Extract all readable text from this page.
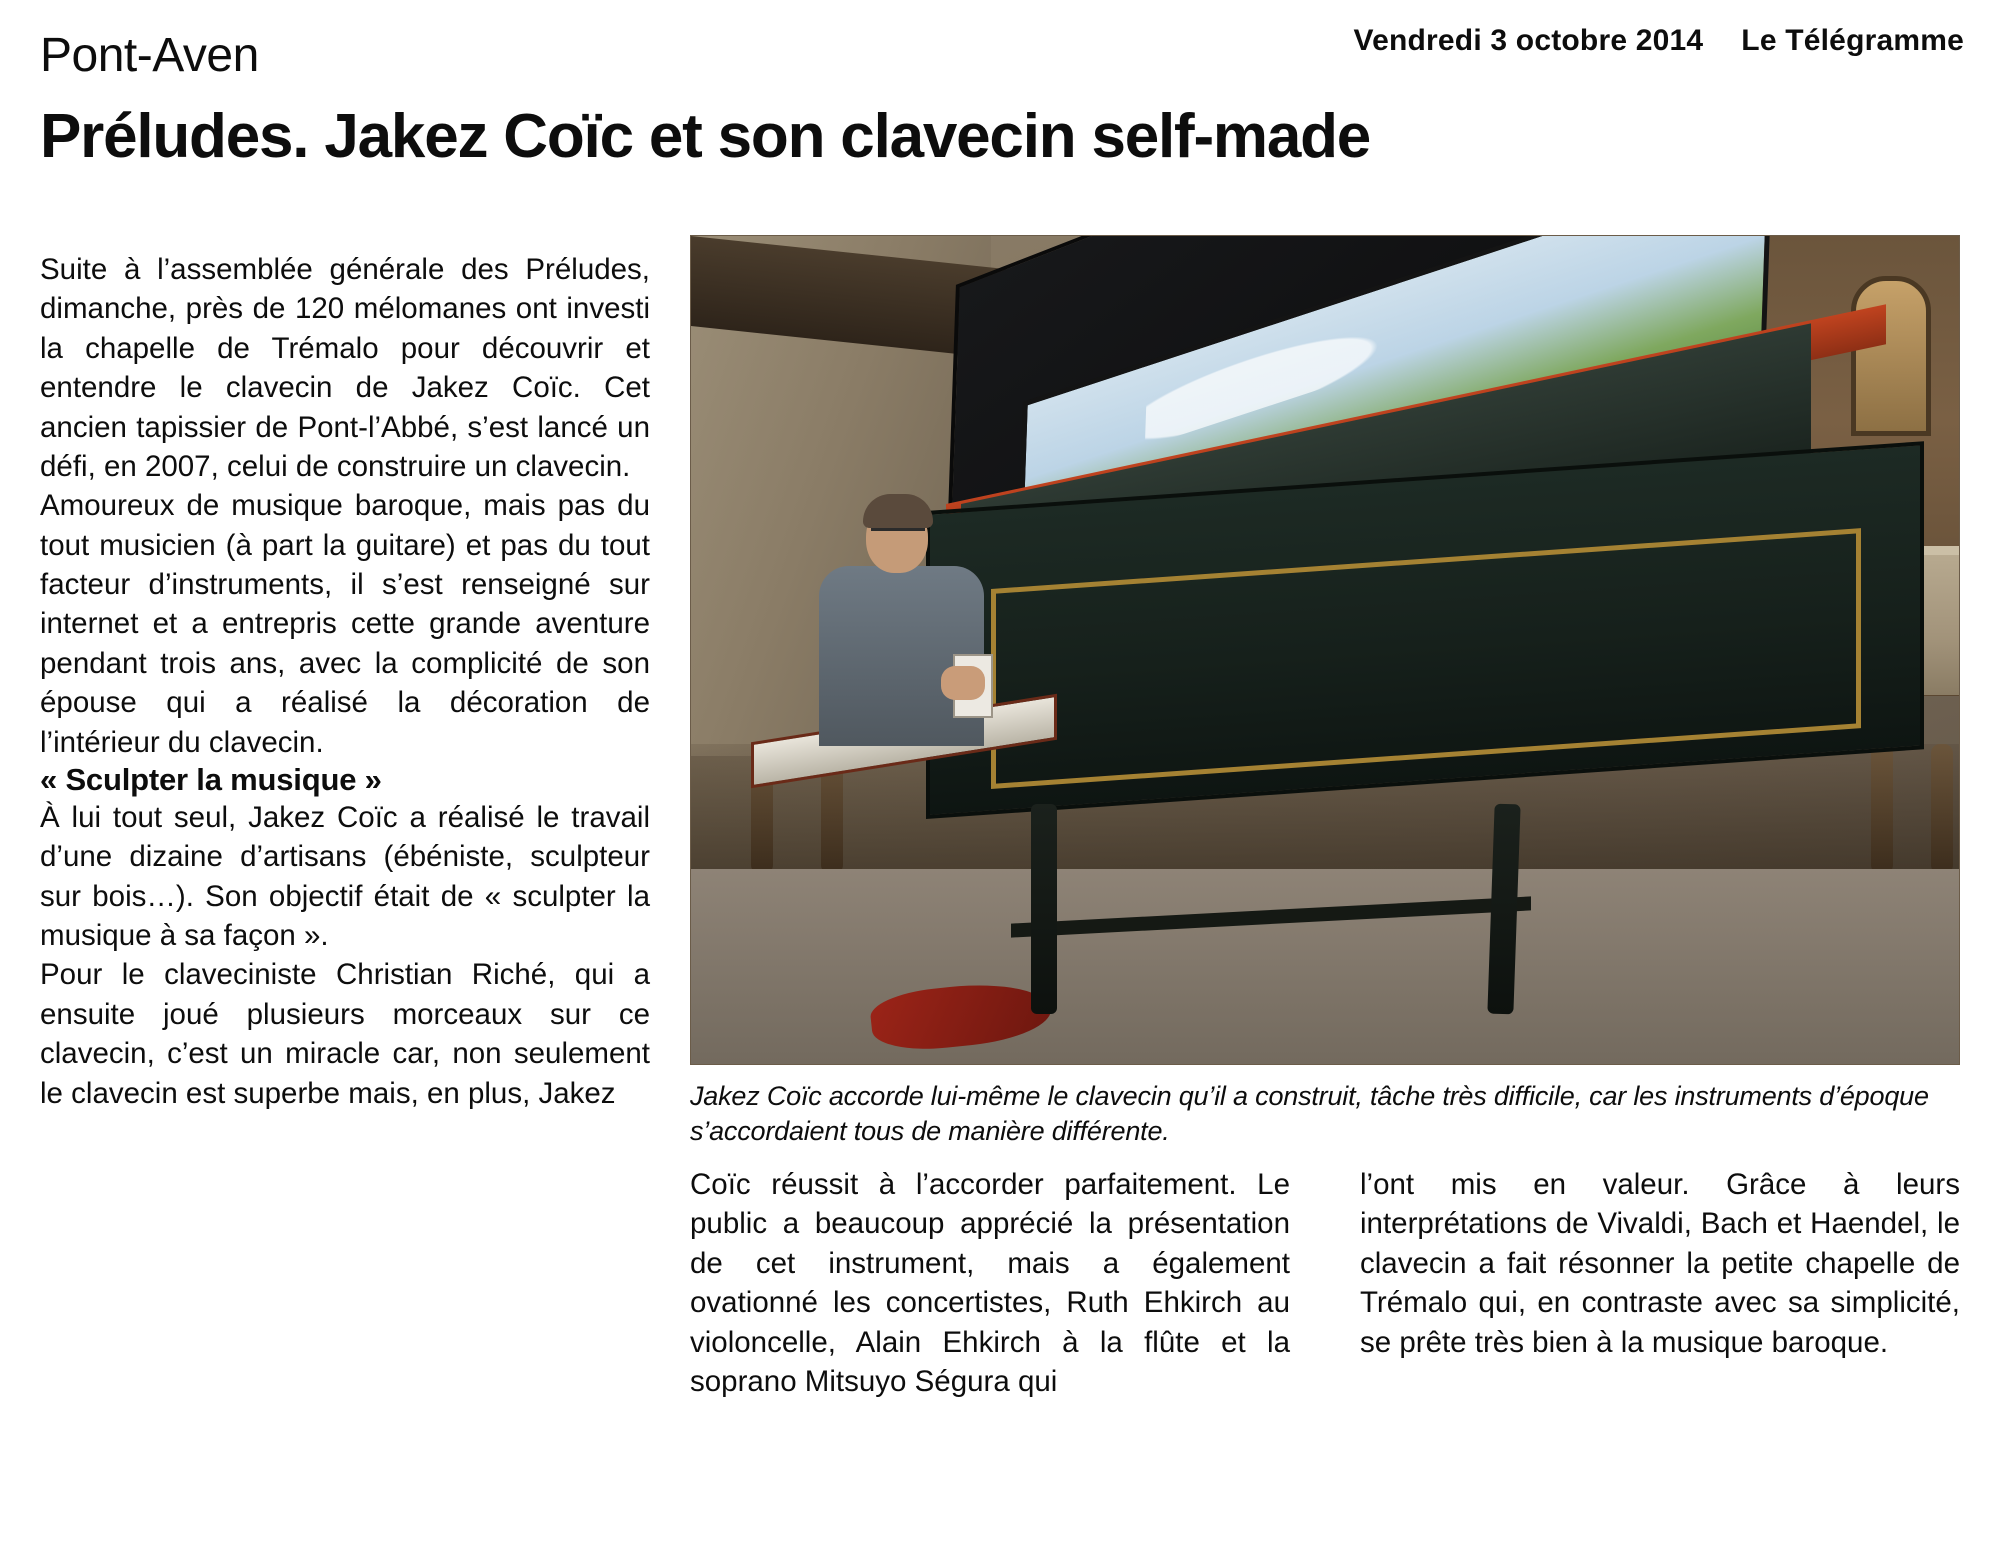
Vendredi 3 octobre 2014 Le Télégramme
Pont-Aven
Préludes. Jakez Coïc et son clavecin self-made

Suite à l’assemblée générale des Préludes, dimanche, près de 120 mélomanes ont investi la chapelle de Trémalo pour découvrir et entendre le clavecin de Jakez Coïc. Cet ancien tapissier de Pont-l’Abbé, s’est lancé un défi, en 2007, celui de construire un clavecin.

Amoureux de musique baroque, mais pas du tout musicien (à part la guitare) et pas du tout facteur d’instruments, il s’est renseigné sur internet et a entrepris cette grande aventure pendant trois ans, avec la complicité de son épouse qui a réalisé la décoration de l’intérieur du clavecin.

« Sculpter la musique »

À lui tout seul, Jakez Coïc a réalisé le travail d’une dizaine d’artisans (ébéniste, sculpteur sur bois…). Son objectif était de « sculpter la musique à sa façon ».

Pour le claveciniste Christian Riché, qui a ensuite joué plusieurs morceaux sur ce clavecin, c’est un miracle car, non seulement le clavecin est superbe mais, en plus, Jakez	Jakez Coïc accorde lui-même le clavecin qu’il a construit, tâche très difficile, car les instruments d’époque s’accordaient tous de manière différente.

Coïc réussit à l’accorder parfaitement. Le public a beaucoup apprécié la présentation de cet instrument, mais a également ovationné les concertistes, Ruth Ehkirch au violoncelle, Alain Ehkirch à la flûte et la soprano Mitsuyo Ségura qui

l’ont mis en valeur. Grâce à leurs interprétations de Vivaldi, Bach et Haendel, le clavecin a fait résonner la petite chapelle de Trémalo qui, en contraste avec sa simplicité, se prête très bien à la musique baroque.
